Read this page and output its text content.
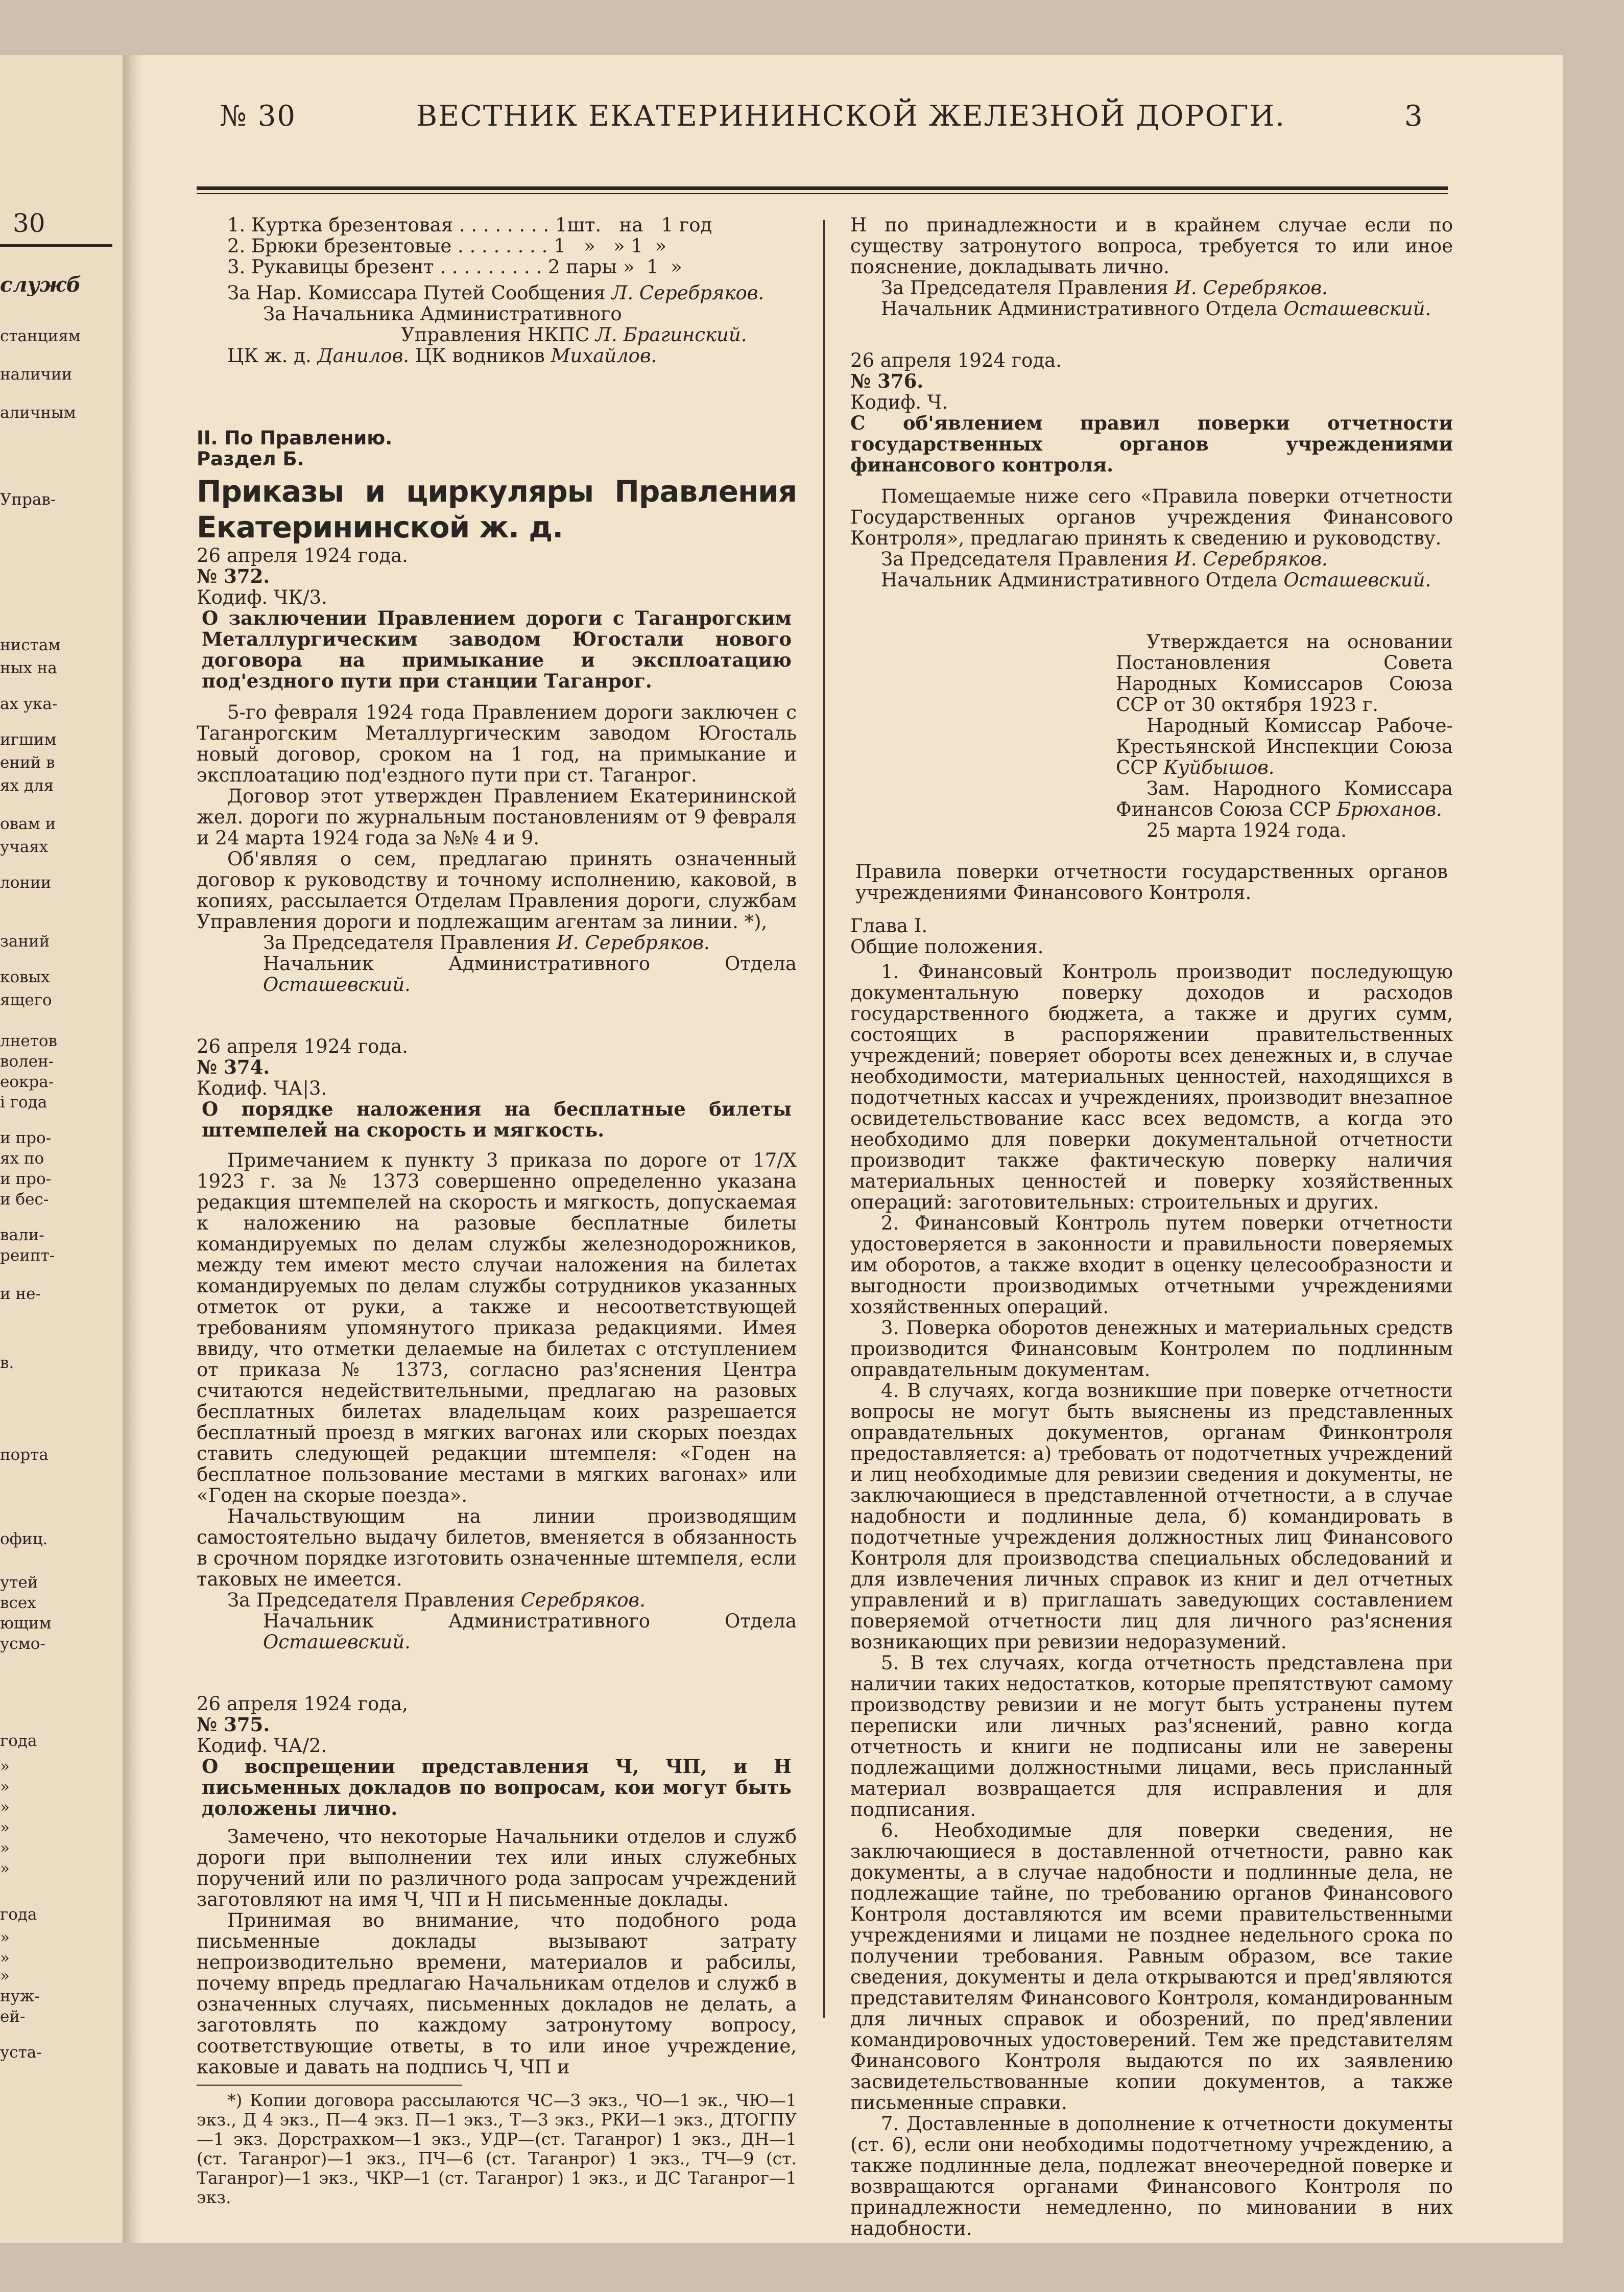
30
служб
станциям
наличии
аличным
Управ-
нистам
ных на
ах ука-
игшим
ений в
ях для
овам и
учаях
лонии
заний
ковых
ящего
лнетов
волен-
еокра-
і года
и про-
ях по
и про-
и бес-
вали-
реипт-
и не-
в.
порта
офиц.
утей
всех
ющим
усмо-
года
»
»
»
»
»
»
года
»
»
»
нуж-
ей-
уста-
№ 30	ВЕСТНИК ЕКАТЕРИНИНСКОЙ ЖЕЛЕЗНОЙ ДОРОГИ.	3

1. Куртка брезентовая . . . . . . . . 1шт.   на   1 год

2. Брюки брезентовые . . . . . . . . 1   »   » 1  »

3. Рукавицы брезент . . . . . . . . . 2 пары »  1  »

За Нар. Комиссара Путей Сообщения Л. Серебряков.

За Начальника Административного

Управления НКПС Л. Брагинский.

ЦК ж. д. Данилов. ЦК водников Михайлов.

II. По Правлению.

Раздел Б.

Приказы и циркуляры Правления Екатерининской ж. д.

26 апреля 1924 года.

№ 372.

Кодиф. ЧК/3.

О заключении Правлением дороги с Таганрогским Металлургическим заводом Югостали нового договора на примыкание и эксплоатацию под'ездного пути при станции Таганрог.

5-го февраля 1924 года Правлением дороги заключен с Таганрогским Металлургическим заводом Югосталь новый договор, сроком на 1 год, на примыкание и эксплоатацию под'ездного пути при ст. Таганрог.

Договор этот утвержден Правлением Екатерининской жел. дороги по журнальным постановлениям от 9 февраля и 24 марта 1924 года за №№ 4 и 9.

Об'являя о сем, предлагаю принять означенный договор к руководству и точному исполнению, каковой, в копиях, рассылается Отделам Правления дороги, службам Управления дороги и подлежащим агентам за линии. *),

За Председателя Правления И. Серебряков.

Начальник Административного Отдела Осташевский.

26 апреля 1924 года.

№ 374.

Кодиф. ЧА|3.

О порядке наложения на бесплатные билеты штемпелей на скорость и мягкость.

Примечанием к пункту 3 приказа по дороге от 17/X 1923 г. за № 1373 совершенно определенно указана редакция штемпелей на скорость и мягкость, допускаемая к наложению на разовые бесплатные билеты командируемых по делам службы железнодорожников, между тем имеют место случаи наложения на билетах командируемых по делам службы сотрудников указанных отметок от руки, а также и несоответствующей требованиям упомянутого приказа редакциями. Имея ввиду, что отметки делаемые на билетах с отступлением от приказа № 1373, согласно раз'яснения Центра считаются недействительными, предлагаю на разовых бесплатных билетах владельцам коих разрешается бесплатный проезд в мягких вагонах или скорых поездах ставить следующей редакции штемпеля: «Годен на бесплатное пользование местами в мягких вагонах» или «Годен на скорые поезда».

Начальствующим на линии производящим самостоятельно выдачу билетов, вменяется в обязанность в срочном порядке изготовить означенные штемпеля, если таковых не имеется.

За Председателя Правления Серебряков.

Начальник Административного Отдела Осташевский.

26 апреля 1924 года,

№ 375.

Кодиф. ЧА/2.

О воспрещении представления Ч, ЧП, и Н письменных докладов по вопросам, кои могут быть доложены лично.

Замечено, что некоторые Начальники отделов и служб дороги при выполнении тех или иных служебных поручений или по различного рода запросам учреждений заготовляют на имя Ч, ЧП и Н письменные доклады.

Принимая во внимание, что подобного рода письменные доклады вызывают затрату непроизводительно времени, материалов и рабсилы, почему впредь предлагаю Начальникам отделов и служб в означенных случаях, письменных докладов не делать, а заготовлять по каждому затронутому вопросу, соответствующие ответы, в то или иное учреждение, каковые и давать на подпись Ч, ЧП и

*) Копии договора рассылаются ЧС—3 экз., ЧО—1 эк., ЧЮ—1 экз., Д 4 экз., П—4 экз. П—1 экз., Т—3 экз., РКИ—1 экз., ДТОГПУ—1 экз. Дорстрахком—1 экз., УДР—(ст. Таганрог) 1 экз., ДН—1 (ст. Таганрог)—1 экз., ПЧ—6 (ст. Таганрог) 1 экз., ТЧ—9 (ст. Таганрог)—1 экз., ЧКР—1 (ст. Таганрог) 1 экз., и ДС Таганрог—1 экз.

Н по принадлежности и в крайнем случае если по существу затронутого вопроса, требуется то или иное пояснение, докладывать лично.

За Председателя Правления И. Серебряков.

Начальник Административного Отдела Осташевский.

26 апреля 1924 года.

№ 376.

Кодиф. Ч.

С об'явлением правил поверки отчетности государственных органов учреждениями финансового контроля.

Помещаемые ниже сего «Правила поверки отчетности Государственных органов учреждения Финансового Контроля», предлагаю принять к сведению и руководству.

За Председателя Правления И. Серебряков.

Начальник Административного Отдела Осташевский.

Утверждается на основании Постановления Совета Народных Комиссаров Союза ССР от 30 октября 1923 г.

Народный Комиссар Рабоче-Крестьянской Инспекции Союза ССР Куйбышов.

Зам. Народного Комиссара Финансов Союза ССР Брюханов.

25 марта 1924 года.

Правила поверки отчетности государственных органов учреждениями Финансового Контроля.

Глава I.

Общие положения.

1. Финансовый Контроль производит последующую документальную поверку доходов и расходов государственного бюджета, а также и других сумм, состоящих в распоряжении правительственных учреждений; поверяет обороты всех денежных и, в случае необходимости, материальных ценностей, находящихся в подотчетных кассах и учреждениях, производит внезапное освидетельствование касс всех ведомств, а когда это необходимо для поверки документальной отчетности производит также фактическую поверку наличия материальных ценностей и поверку хозяйственных операций: заготовительных: строительных и других.

2. Финансовый Контроль путем поверки отчетности удостоверяется в законности и правильности поверяемых им оборотов, а также входит в оценку целесообразности и выгодности производимых отчетными учреждениями хозяйственных операций.

3. Поверка оборотов денежных и материальных средств производится Финансовым Контролем по подлинным оправдательным документам.

4. В случаях, когда возникшие при поверке отчетности вопросы не могут быть выяснены из представленных оправдательных документов, органам Финконтроля предоставляется: а) требовать от подотчетных учреждений и лиц необходимые для ревизии сведения и документы, не заключающиеся в представленной отчетности, а в случае надобности и подлинные дела, б) командировать в подотчетные учреждения должностных лиц Финансового Контроля для производства специальных обследований и для извлечения личных справок из книг и дел отчетных управлений и в) приглашать заведующих составлением поверяемой отчетности лиц для личного раз'яснения возникающих при ревизии недоразумений.

5. В тех случаях, когда отчетность представлена при наличии таких недостатков, которые препятствуют самому производству ревизии и не могут быть устранены путем переписки или личных раз'яснений, равно когда отчетность и книги не подписаны или не заверены подлежащими должностными лицами, весь присланный материал возвращается для исправления и для подписания.

6. Необходимые для поверки сведения, не заключающиеся в доставленной отчетности, равно как документы, а в случае надобности и подлинные дела, не подлежащие тайне, по требованию органов Финансового Контроля доставляются им всеми правительственными учреждениями и лицами не позднее недельного срока по получении требования. Равным образом, все такие сведения, документы и дела открываются и пред'являются представителям Финансового Контроля, командированным для личных справок и обозрений, по пред'явлении командировочных удостоверений. Тем же представителям Финансового Контроля выдаются по их заявлению засвидетельствованные копии документов, а также письменные справки.

7. Доставленные в дополнение к отчетности документы (ст. 6), если они необходимы подотчетному учреждению, а также подлинные дела, подлежат внеочередной поверке и возвращаются органами Финансового Контроля по принадлежности немедленно, по миновании в них надобности.
